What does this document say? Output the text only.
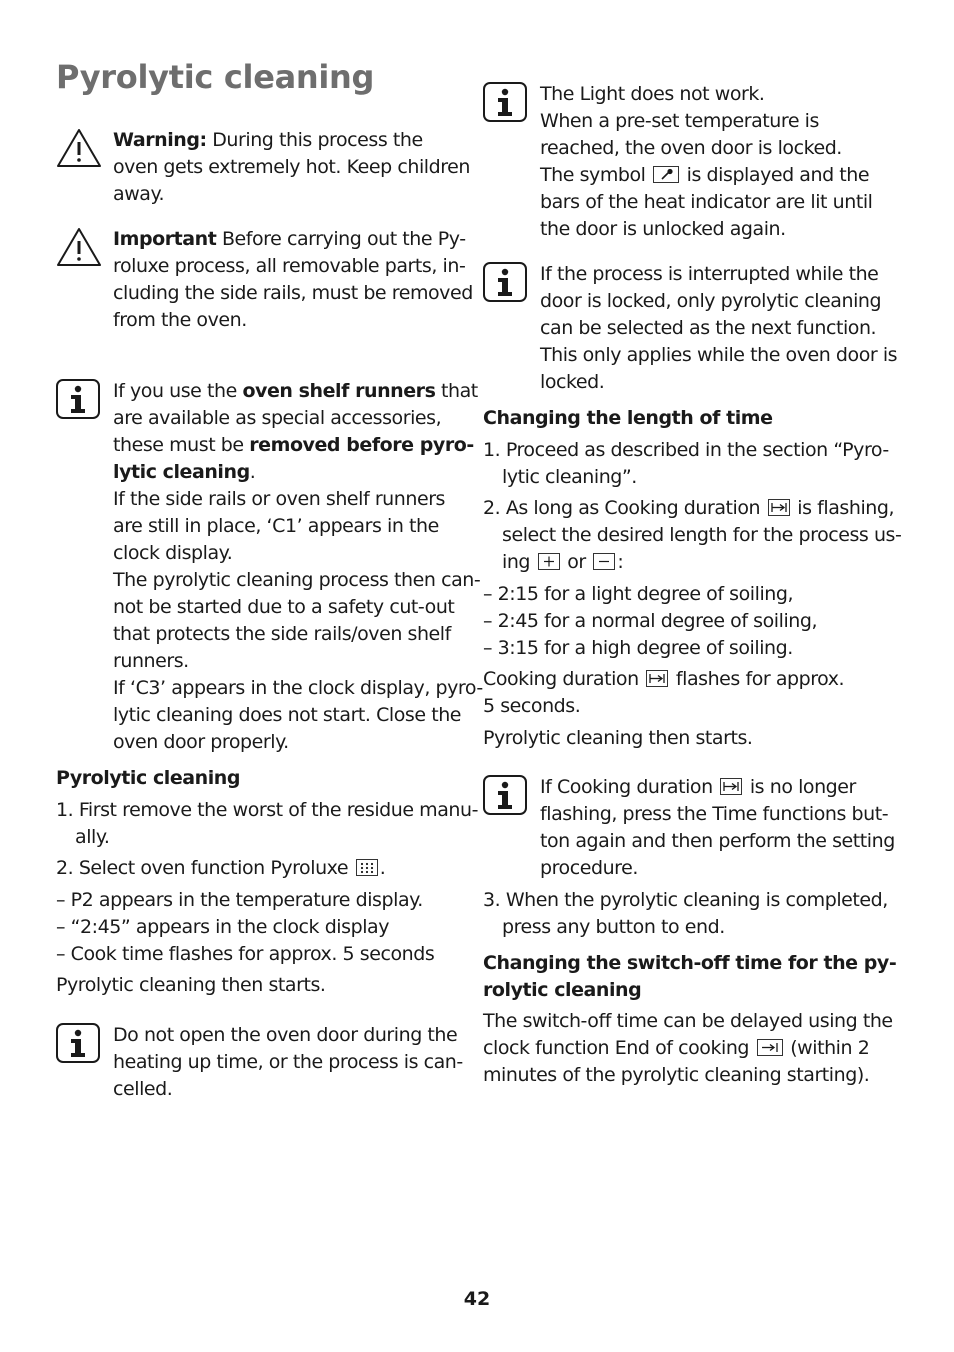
Pyrolytic cleaning
Warning: During this process the
oven gets extremely hot. Keep children
away.
Important Before carrying out the Py-
roluxe process, all removable parts, in-
cluding the side rails, must be removed
from the oven.
If you use the oven shelf runners that
are available as special accessories,
these must be removed before pyro-
lytic cleaning.
If the side rails or oven shelf runners
are still in place, ‘C1’ appears in the
clock display.
The pyrolytic cleaning process then can-
not be started due to a safety cut-out
that protects the side rails/oven shelf
runners.
If ‘C3’ appears in the clock display, pyro-
lytic cleaning does not start. Close the
oven door properly.
Pyrolytic cleaning
1. First remove the worst of the residue manu-
ally.
2. Select oven function Pyroluxe
.
– P2 appears in the temperature display.
– “2:45” appears in the clock display
– Cook time flashes for approx. 5 seconds
Pyrolytic cleaning then starts.
Do not open the oven door during the
heating up time, or the process is can-
celled.
The Light does not work.
When a pre-set temperature is
reached, the oven door is locked.
The symbol
is displayed and the
bars of the heat indicator are lit until
the door is unlocked again.
If the process is interrupted while the
door is locked, only pyrolytic cleaning
can be selected as the next function.
This only applies while the oven door is
locked.
Changing the length of time
1. Proceed as described in the section “Pyro-
lytic cleaning”.
2. As long as Cooking duration
is flashing,
select the desired length for the process us-
ing
or
:
– 2:15 for a light degree of soiling,
– 2:45 for a normal degree of soiling,
– 3:15 for a high degree of soiling.
Cooking duration
flashes for approx.
5 seconds.
Pyrolytic cleaning then starts.
If Cooking duration
is no longer
flashing, press the Time functions but-
ton again and then perform the setting
procedure.
3. When the pyrolytic cleaning is completed,
press any button to end.
Changing the switch-off time for the py-
rolytic cleaning
The switch-off time can be delayed using the
clock function End of cooking
(within 2
minutes of the pyrolytic cleaning starting).
42
